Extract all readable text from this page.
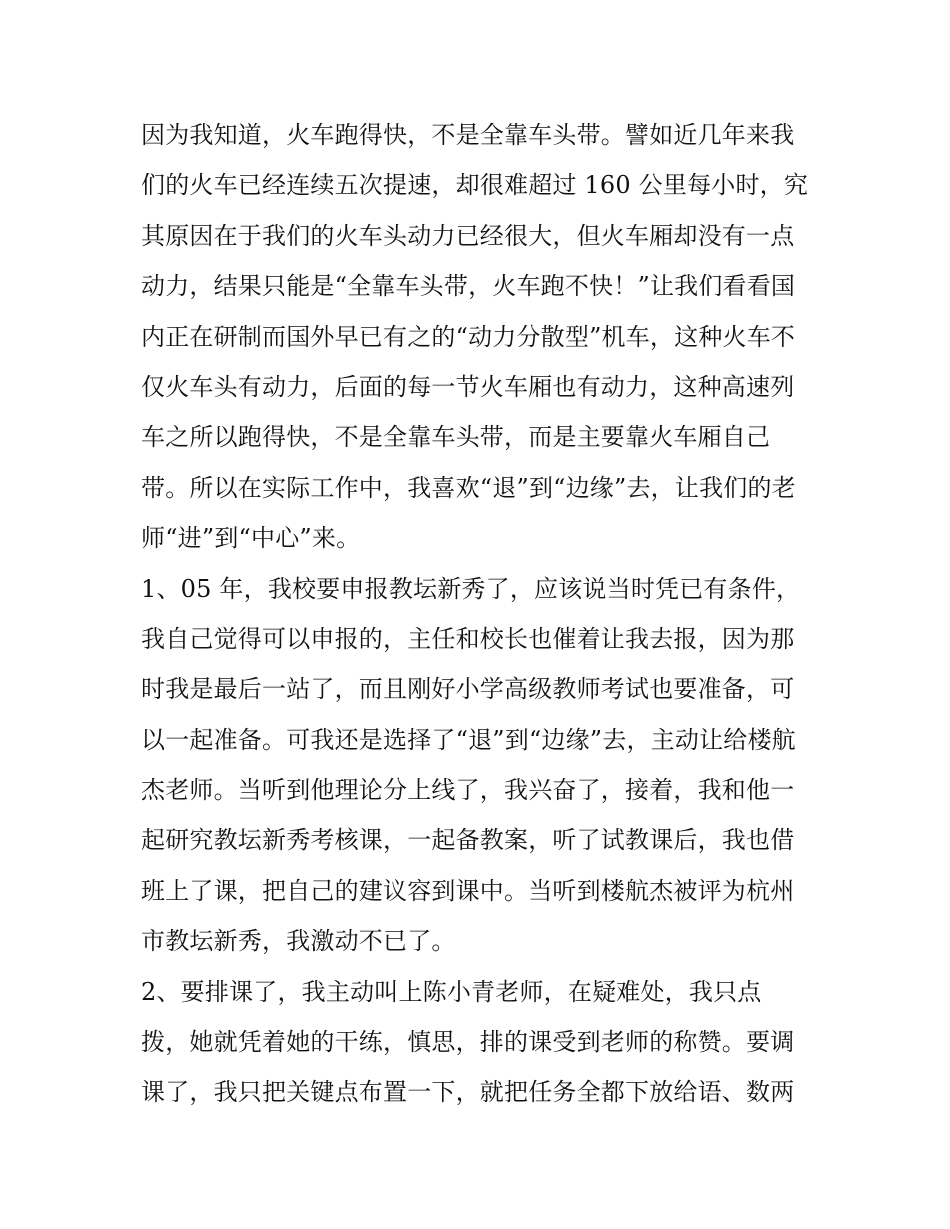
因为我知道，火车跑得快，不是全靠车头带。譬如近几年来我
们的火车已经连续五次提速，却很难超过 160 公里每小时，究
其原因在于我们的火车头动力已经很大，但火车厢却没有一点
动力，结果只能是“全靠车头带，火车跑不快！”让我们看看国
内正在研制而国外早已有之的“动力分散型”机车，这种火车不
仅火车头有动力，后面的每一节火车厢也有动力，这种高速列
车之所以跑得快，不是全靠车头带，而是主要靠火车厢自己
带。所以在实际工作中，我喜欢“退”到“边缘”去，让我们的老
师“进”到“中心”来。
1、05 年，我校要申报教坛新秀了，应该说当时凭已有条件，
我自己觉得可以申报的，主任和校长也催着让我去报，因为那
时我是最后一站了，而且刚好小学高级教师考试也要准备，可
以一起准备。可我还是选择了“退”到“边缘”去，主动让给楼航
杰老师。当听到他理论分上线了，我兴奋了，接着，我和他一
起研究教坛新秀考核课，一起备教案，听了试教课后，我也借
班上了课，把自己的建议容到课中。当听到楼航杰被评为杭州
市教坛新秀，我激动不已了。
2、要排课了，我主动叫上陈小青老师，在疑难处，我只点
拨，她就凭着她的干练，慎思，排的课受到老师的称赞。要调
课了，我只把关键点布置一下，就把任务全都下放给语、数两
